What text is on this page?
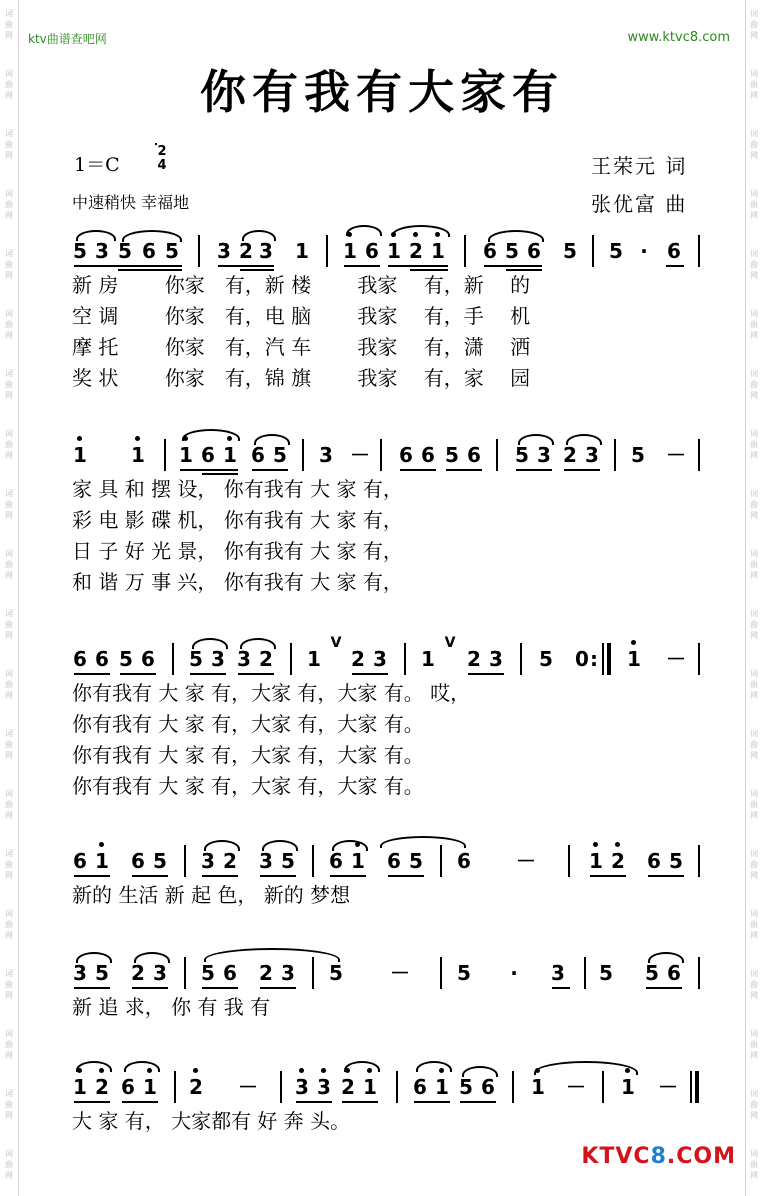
词
曲
网
词
曲
网
词
曲
网
词
曲
网
词
曲
网
词
曲
网
词
曲
网
词
曲
网
词
曲
网
词
曲
网
词
曲
网
词
曲
网
词
曲
网
词
曲
网
词
曲
网
词
曲
网
词
曲
网
词
曲
网
词
曲
网
词
曲
网
词
曲
网
词
曲
网
词
曲
网
词
曲
网
词
曲
网
词
曲
网
词
曲
网
词
曲
网
词
曲
网
词
曲
网
词
曲
网
词
曲
网
词
曲
网
词
曲
网
词
曲
网
词
曲
网
词
曲
网
词
曲
网
词
曲
网
词
曲
网
ktv曲谱查吧网	www.ktvc8.com
你有我有大家有
1＝C
2
4
中速稍快 幸福地
王荣元 词
张优富 曲
5 3 5 6 5 3 2 3 1 1 6 1 2 1 6 5 6 5 5 · 6
新 房　　 你家　有，新 楼　　 我家　 有，新　 的
空 调　　 你家　有，电 脑　　 我家　 有，手　 机
摩 托　　 你家　有，汽 车　　 我家　 有，潇　 洒
奖 状　　 你家　有，锦 旗　　 我家　 有，家　 园
1 1 1 6 1 6 5 3 － 6 6 5 6 5 3 2 3 5 －
家 具 和 摆 设， 你有我有 大 家 有，
彩 电 影 碟 机， 你有我有 大 家 有，
日 子 好 光 景， 你有我有 大 家 有，
和 谐 万 事 兴， 你有我有 大 家 有，
6 6 5 6 5 3 3 2 1
V
2 3 1
V
2 3 5 0 : 1 －
你有我有 大 家 有，大家 有，大家 有。 哎，
你有我有 大 家 有，大家 有，大家 有。
你有我有 大 家 有，大家 有，大家 有。
你有我有 大 家 有，大家 有，大家 有。
6 1 6 5 3 2 3 5 6 1 6 5 6 －	1 2 6 5
新的 生活 新 起 色， 新的 梦想
3 5 2 3 5 6 2 3 5 － 5 · 3 5 5 6
新 追 求， 你 有 我 有
1 2 6 1 2 － 3 3 2 1 6 1 5 6 1 － 1 －
大 家 有， 大家都有 好 奔 头。
KTVC8.COM
